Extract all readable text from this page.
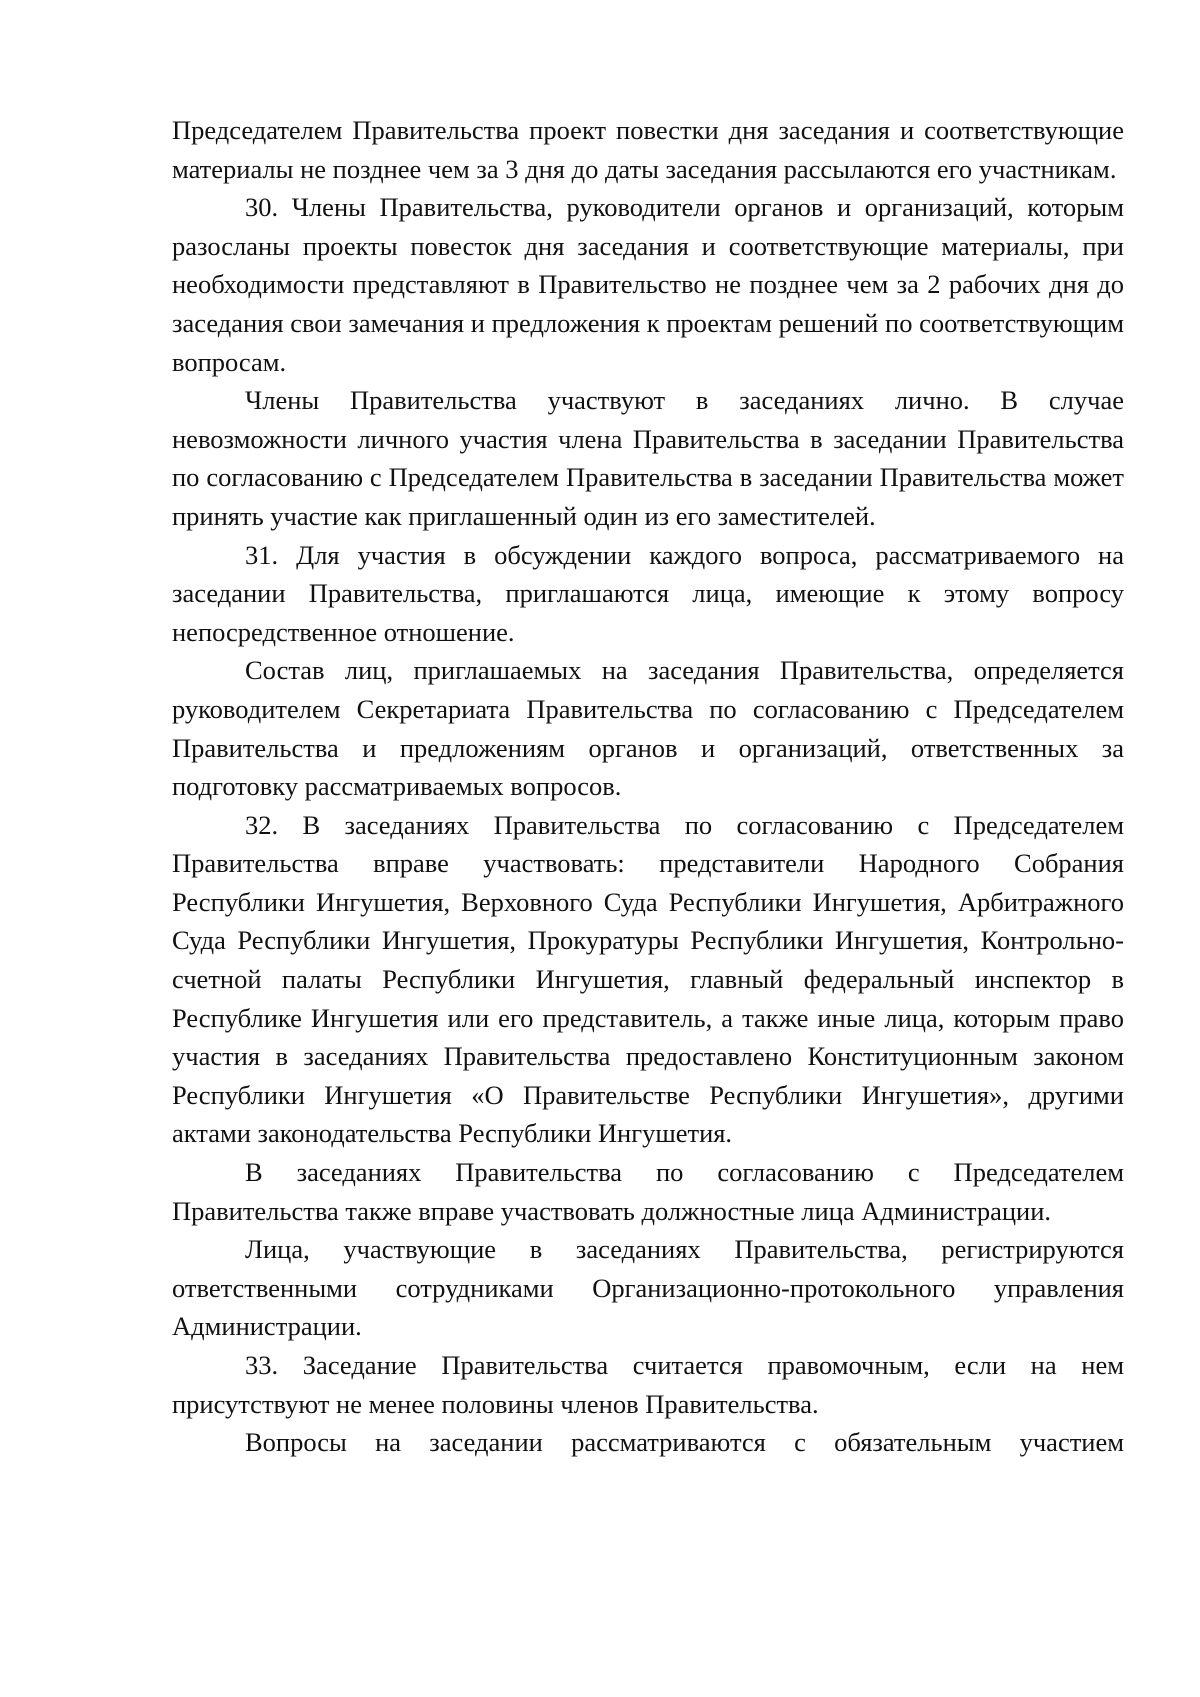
Председателем Правительства проект повестки дня заседания и соответствующие материалы не позднее чем за 3 дня до даты заседания рассылаются его участникам.

30. Члены Правительства, руководители органов и организаций, которым разосланы проекты повесток дня заседания и соответствующие материалы, при необходимости представляют в Правительство не позднее чем за 2 рабочих дня до заседания свои замечания и предложения к проектам решений по соответствующим вопросам.

Члены Правительства участвуют в заседаниях лично. В случае невозможности личного участия члена Правительства в заседании Правительства по согласованию с Председателем Правительства в заседании Правительства может принять участие как приглашенный один из его заместителей.

31. Для участия в обсуждении каждого вопроса, рассматриваемого на заседании Правительства, приглашаются лица, имеющие к этому вопросу непосредственное отношение.

Состав лиц, приглашаемых на заседания Правительства, определяется руководителем Секретариата Правительства по согласованию с Председателем Правительства и предложениям органов и организаций, ответственных за подготовку рассматриваемых вопросов.

32. В заседаниях Правительства по согласованию с Председателем Правительства вправе участвовать: представители Народного Собрания Республики Ингушетия, Верховного Суда Республики Ингушетия, Арбитражного Суда Республики Ингушетия, Прокуратуры Республики Ингушетия, Контрольно-счетной палаты Республики Ингушетия, главный федеральный инспектор в Республике Ингушетия или его представитель, а также иные лица, которым право участия в заседаниях Правительства предоставлено Конституционным законом Республики Ингушетия «О Правительстве Республики Ингушетия», другими актами законодательства Республики Ингушетия.

В заседаниях Правительства по согласованию с Председателем Правительства также вправе участвовать должностные лица Администрации.

Лица, участвующие в заседаниях Правительства, регистрируются ответственными сотрудниками Организационно-протокольного управления Администрации.

33. Заседание Правительства считается правомочным, если на нем присутствуют не менее половины членов Правительства.

Вопросы на заседании рассматриваются с обязательным участием
